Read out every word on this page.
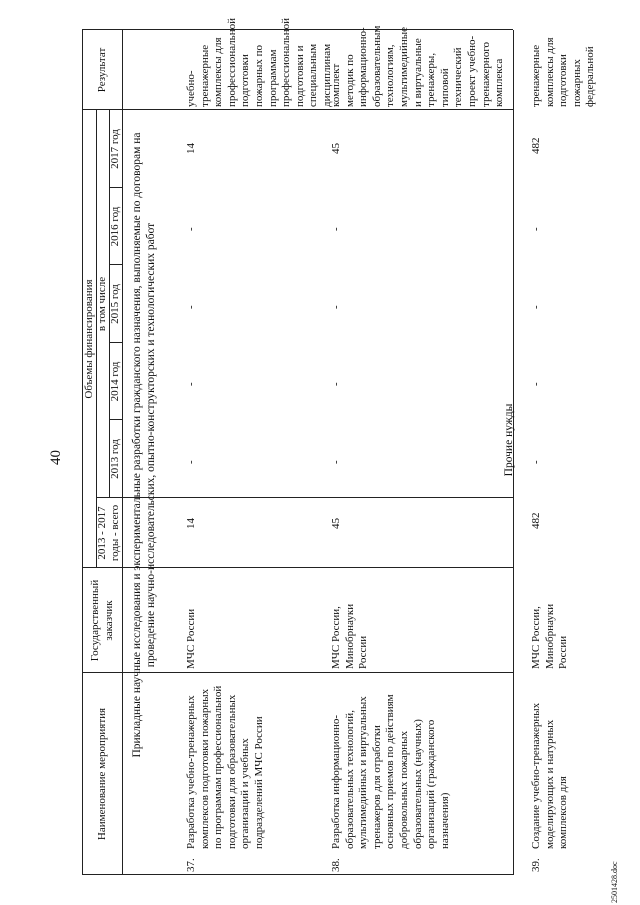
40
Наименование мероприятия
Государственный заказчик
Объемы финансирования
2013 - 2017 годы - всего
в том числе
2013 год
2014 год
2015 год
2016 год
2017 год
Результат
Прикладные научные исследования и экспериментальные разработки гражданского назначения, выполняемые по договорам на проведение научно-исследовательских, опытно-конструкторских и технологических работ
37.
Разработка учебно-тренажерных комплексов подготовки пожарных по программам профессиональной подготовки для образовательных организаций и учебных подразделений МЧС России
МЧС России
14
-
-
-
-
14
учебно-тренажерные комплексы для профессиональной подготовки пожарных по программам профессиональной подготовки и специальным дисциплинам
38.
Разработка информационно-образовательных технологий, мультимедийных и виртуальных тренажеров для отработки основных приемов по действиям добровольных пожарных образовательных (научных) организаций (гражданского назначения)
МЧС России, Минобрнауки России
45
-
-
-
-
45
комплект методик по информационно-образовательным технологиям, мультимедийные и виртуальные тренажеры, типовой технический проект учебно-тренажерного комплекса
Прочие нужды
39.
Создание учебно-тренажерных моделирующих и натурных комплексов для
МЧС России, Минобрнауки России
482
-
-
-
-
482
тренажерные комплексы для подготовки пожарных федеральной
2501428.doc
